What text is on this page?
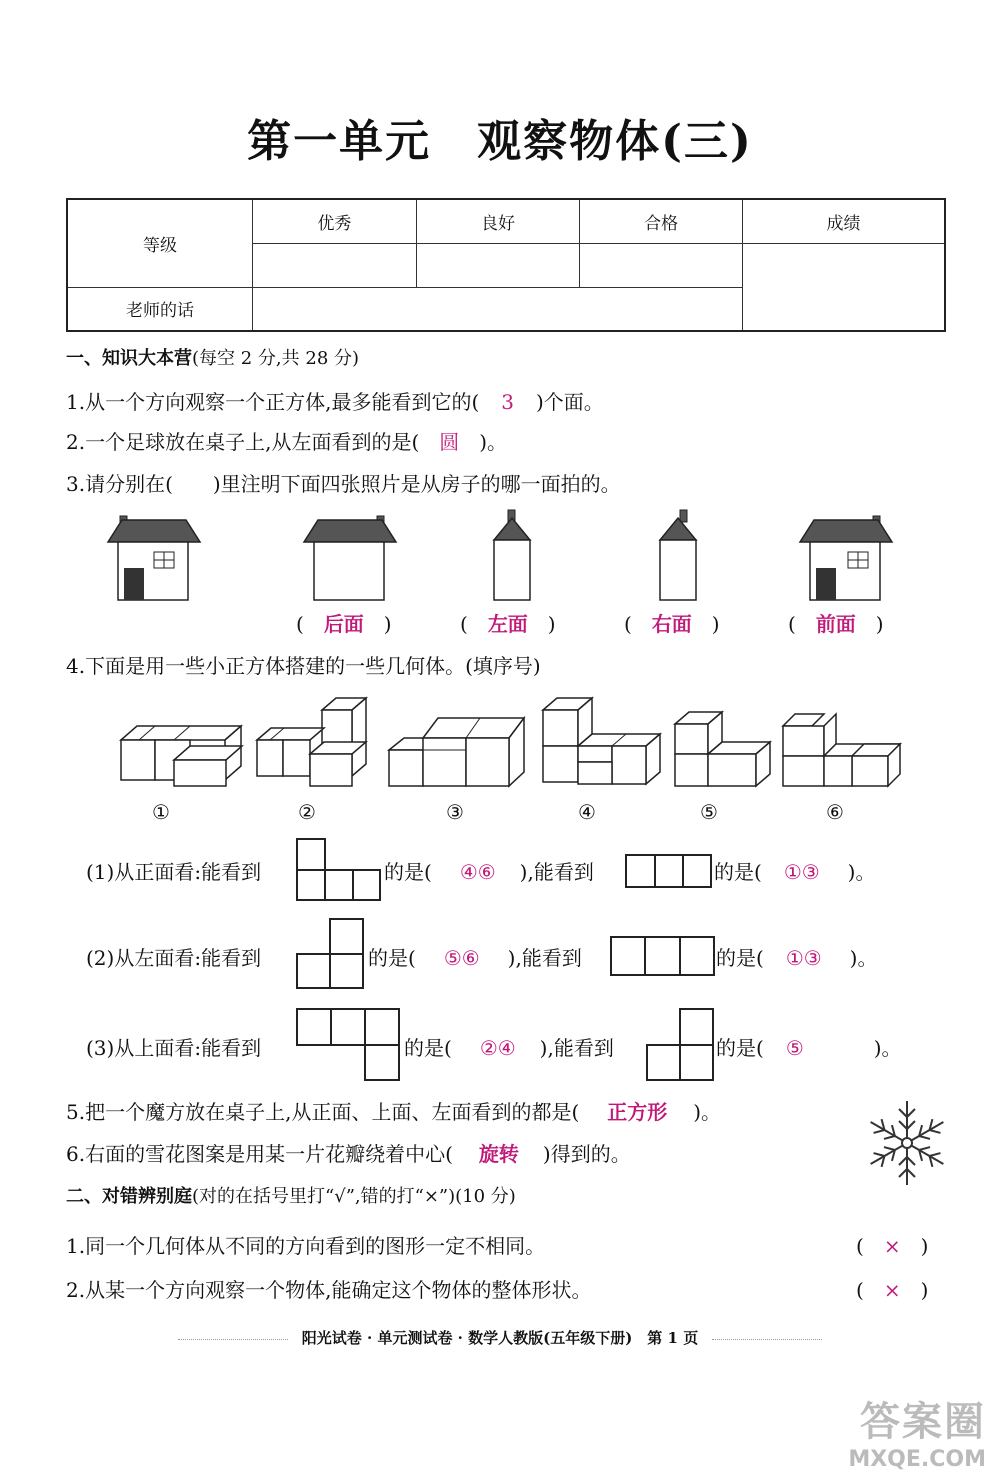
第一单元　观察物体(三)
等级	优秀	良好	合格	成绩

老师的话				
一、知识大本营(每空 2 分,共 28 分)
1.从一个方向观察一个正方体,最多能看到它的( 3 )个面。
2.一个足球放在桌子上,从左面看到的是( 圆 )。
3.请分别在(　　)里注明下面四张照片是从房子的哪一面拍的。
(　后面　)	(　左面　)	(　右面　)	(　前面　)
4.下面是用一些小正方体搭建的一些几何体。(填序号)
①	②	③	④	⑤	⑥
(1)从正面看:能看到	的是( ④⑥ ),能看到	的是( ①③ )。
(2)从左面看:能看到	的是( ⑤⑥ ),能看到	的是( ①③ )。
(3)从上面看:能看到	的是( ②④ ),能看到	的是( ⑤	)。
5.把一个魔方放在桌子上,从正面、上面、左面看到的都是( 正方形 )。
6.右面的雪花图案是用某一片花瓣绕着中心( 旋转 )得到的。
二、对错辨别庭(对的在括号里打“√”,错的打“×”)(10 分)
1.同一个几何体从不同的方向看到的图形一定不相同。	(　×　)
2.从某一个方向观察一个物体,能确定这个物体的整体形状。	(　×　)
阳光试卷 · 单元测试卷 · 数学人教版(五年级下册)　第 1 页
答案圈
MXQE.COM
